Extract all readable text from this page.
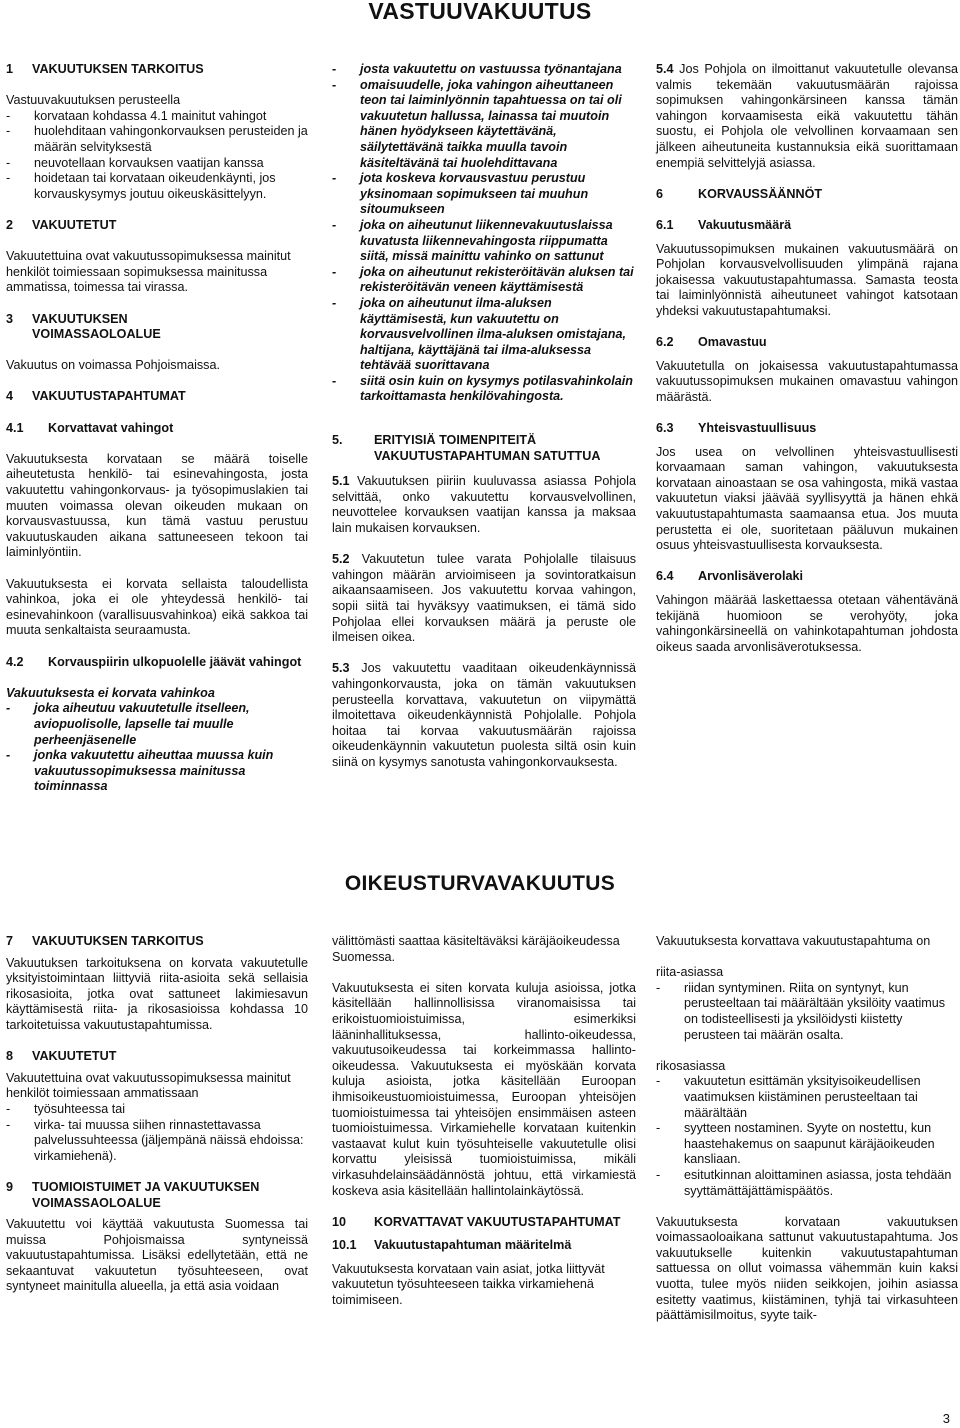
VASTUUVAKUUTUS
1	VAKUUTUKSEN TARKOITUS
Vastuuvakuutuksen perusteella
-	korvataan kohdassa 4.1 mainitut vahingot
-	huolehditaan vahingonkorvauksen perusteiden ja määrän selvityksestä
-	neuvotellaan korvauksen vaatijan kanssa
-	hoidetaan tai korvataan oikeudenkäynti, jos korvauskysymys joutuu oikeuskäsittelyyn.
2	VAKUUTETUT

Vakuutettuina ovat vakuutussopimuksessa mainitut henkilöt toimiessaan sopimuksessa mainitussa ammatissa, toimessa tai virassa.

3	VAKUUTUKSEN
VOIMASSAOLOALUE

Vakuutus on voimassa Pohjoismaissa.

4	VAKUUTUSTAPAHTUMAT
4.1	Korvattavat vahingot

Vakuutuksesta korvataan se määrä toiselle aiheutetusta henkilö- tai esinevahingosta, josta vakuutettu vahingonkorvaus- ja työsopimuslakien tai muuten voimassa olevan oikeuden mukaan on korvausvastuussa, kun tämä vastuu perustuu vakuutuskauden aikana sattuneeseen tekoon tai laiminlyöntiin.

Vakuutuksesta ei korvata sellaista taloudellista vahinkoa, joka ei ole yhteydessä henkilö- tai esinevahinkoon (varallisuusvahinkoa) eikä sakkoa tai muuta senkaltaista seuraamusta.

4.2	Korvauspiirin ulkopuolelle jäävät vahingot
Vakuutuksesta ei korvata vahinkoa
-	joka aiheutuu vakuutetulle itselleen, aviopuolisolle, lapselle tai muulle perheenjäsenelle
-	jonka vakuutettu aiheuttaa muussa kuin vakuutussopimuksessa mainitussa toiminnassa
-	josta vakuutettu on vastuussa työnantajana
-	omaisuudelle, joka vahingon aiheuttaneen teon tai laiminlyönnin tapahtuessa on tai oli vakuutetun hallussa, lainassa tai muutoin hänen hyödykseen käytettävänä, säilytettävänä taikka muulla tavoin käsiteltävänä tai huolehdittavana
-	jota koskeva korvausvastuu perustuu yksinomaan sopimukseen tai muuhun sitoumukseen
-	joka on aiheutunut liikennevakuutuslaissa kuvatusta liikennevahingosta riippumatta siitä, missä mainittu vahinko on sattunut
-	joka on aiheutunut rekisteröitävän aluksen tai rekisteröitävän veneen käyttämisestä
-	joka on aiheutunut ilma-aluksen käyttämisestä, kun vakuutettu on korvausvelvollinen ilma-aluksen omistajana, haltijana, käyttäjänä tai ilma-aluksessa tehtävää suorittavana
-	siitä osin kuin on kysymys potilasvahinkolain tarkoittamasta henkilövahingosta.
5.	ERITYISIÄ TOIMENPITEITÄ VAKUUTUSTAPAHTUMAN SATUTTUA

5.1 Vakuutuksen piiriin kuuluvassa asiassa Pohjola selvittää, onko vakuutettu korvausvelvollinen, neuvottelee korvauksen vaatijan kanssa ja maksaa lain mukaisen korvauksen.

5.2 Vakuutetun tulee varata Pohjolalle tilaisuus vahingon määrän arvioimiseen ja sovintoratkaisun aikaansaamiseen. Jos vakuutettu korvaa vahingon, sopii siitä tai hyväksyy vaatimuksen, ei tämä sido Pohjolaa ellei korvauksen määrä ja peruste ole ilmeisen oikea.

5.3 Jos vakuutettu vaaditaan oikeudenkäynnissä vahingonkorvausta, joka on tämän vakuutuksen perusteella korvattava, vakuutetun on viipymättä ilmoitettava oikeudenkäynnistä Pohjolalle. Pohjola hoitaa tai korvaa vakuutusmäärän rajoissa oikeudenkäynnin vakuutetun puolesta siltä osin kuin siinä on kysymys sanotusta vahingonkorvauksesta.

5.4 Jos Pohjola on ilmoittanut vakuutetulle olevansa valmis tekemään vakuutusmäärän rajoissa sopimuksen vahingonkärsineen kanssa tämän vahingon korvaamisesta eikä vakuutettu tähän suostu, ei Pohjola ole velvollinen korvaamaan sen jälkeen aiheutuneita kustannuksia eikä suorittamaan enempiä selvittelyjä asiassa.

6	KORVAUSSÄÄNNÖT
6.1	Vakuutusmäärä

Vakuutussopimuksen mukainen vakuutusmäärä on Pohjolan korvausvelvollisuuden ylimpänä rajana jokaisessa vakuutustapahtumassa. Samasta teosta tai laiminlyönnistä aiheutuneet vahingot katsotaan yhdeksi vakuutustapahtumaksi.

6.2	Omavastuu

Vakuutetulla on jokaisessa vakuutustapahtumassa vakuutussopimuksen mukainen omavastuu vahingon määrästä.

6.3	Yhteisvastuullisuus

Jos usea on velvollinen yhteisvastuullisesti korvaamaan saman vahingon, vakuutuksesta korvataan ainoastaan se osa vahingosta, mikä vastaa vakuutetun viaksi jäävää syyllisyyttä ja hänen ehkä vakuutustapahtumasta saamaansa etua. Jos muuta perustetta ei ole, suoritetaan pääluvun mukainen osuus yhteisvastuullisesta korvauksesta.

6.4	Arvonlisäverolaki

Vahingon määrää laskettaessa otetaan vähentävänä tekijänä huomioon se verohyöty, joka vahingonkärsineellä on vahinkotapahtuman johdosta oikeus saada arvonlisäverotuksessa.

OIKEUSTURVAVAKUUTUS
7	VAKUUTUKSEN TARKOITUS

Vakuutuksen tarkoituksena on korvata vakuutetulle yksityistoimintaan liittyviä riita-asioita sekä sellaisia rikosasioita, jotka ovat sattuneet lakimiesavun käyttämisestä riita- ja rikosasioissa kohdassa 10 tarkoitetuissa vakuutustapahtumissa.

8	VAKUUTETUT
Vakuutettuina ovat vakuutussopimuksessa mainitut henkilöt toimiessaan ammatissaan
-	työsuhteessa tai
-	virka- tai muussa siihen rinnastettavassa palvelussuhteessa (jäljempänä näissä ehdoissa: virkamiehenä).
9	TUOMIOISTUIMET JA VAKUUTUKSEN VOIMASSAOLOALUE

Vakuutettu voi käyttää vakuutusta Suomessa tai muissa Pohjoismaissa syntyneissä vakuutustapahtumissa. Lisäksi edellytetään, että ne sekaantuvat vakuutetun työsuhteeseen, ovat syntyneet mainitulla alueella, ja että asia voidaan

välittömästi saattaa käsiteltäväksi käräjäoikeudessa Suomessa.

Vakuutuksesta ei siten korvata kuluja asioissa, jotka käsitellään hallinnollisissa viranomaisissa tai erikoistuomioistuimissa, esimerkiksi lääninhallituksessa, hallinto-oikeudessa, vakuutusoikeudessa tai korkeimmassa hallinto-oikeudessa. Vakuutuksesta ei myöskään korvata kuluja asioista, jotka käsitellään Euroopan ihmisoikeustuomioistuimessa, Euroopan yhteisöjen tuomioistuimessa tai yhteisöjen ensimmäisen asteen tuomioistuimessa. Virkamiehelle korvataan kuitenkin vastaavat kulut kuin työsuhteiselle vakuutetulle olisi korvattu yleisissä tuomioistuimissa, mikäli virkasuhdelainsäädännöstä johtuu, että virkamiestä koskeva asia käsitellään hallintolainkäytössä.

10	KORVATTAVAT VAKUUTUSTAPAHTUMAT
10.1	Vakuutustapahtuman määritelmä

Vakuutuksesta korvataan vain asiat, jotka liittyvät vakuutetun työsuhteeseen taikka virkamiehenä toimimiseen.

Vakuutuksesta korvattava vakuutustapahtuma on

riita-asiassa
-	riidan syntyminen. Riita on syntynyt, kun perusteeltaan tai määrältään yksilöity vaatimus on todisteellisesti ja yksilöidysti kiistetty perusteen tai määrän osalta.
rikosasiassa
-	vakuutetun esittämän yksityisoikeudellisen vaatimuksen kiistäminen perusteeltaan tai määrältään
-	syytteen nostaminen. Syyte on nostettu, kun haastehakemus on saapunut käräjäoikeuden kansliaan.
-	esitutkinnan aloittaminen asiassa, josta tehdään syyttämättäjättämispäätös.

Vakuutuksesta korvataan vakuutuksen voimassaoloaikana sattunut vakuutustapahtuma. Jos vakuutukselle kuitenkin vakuutustapahtuman sattuessa on ollut voimassa vähemmän kuin kaksi vuotta, tulee myös niiden seikkojen, joihin asiassa esitetty vaatimus, kiistäminen, tyhjä tai virkasuhteen päättämisilmoitus, syyte taik-

3
